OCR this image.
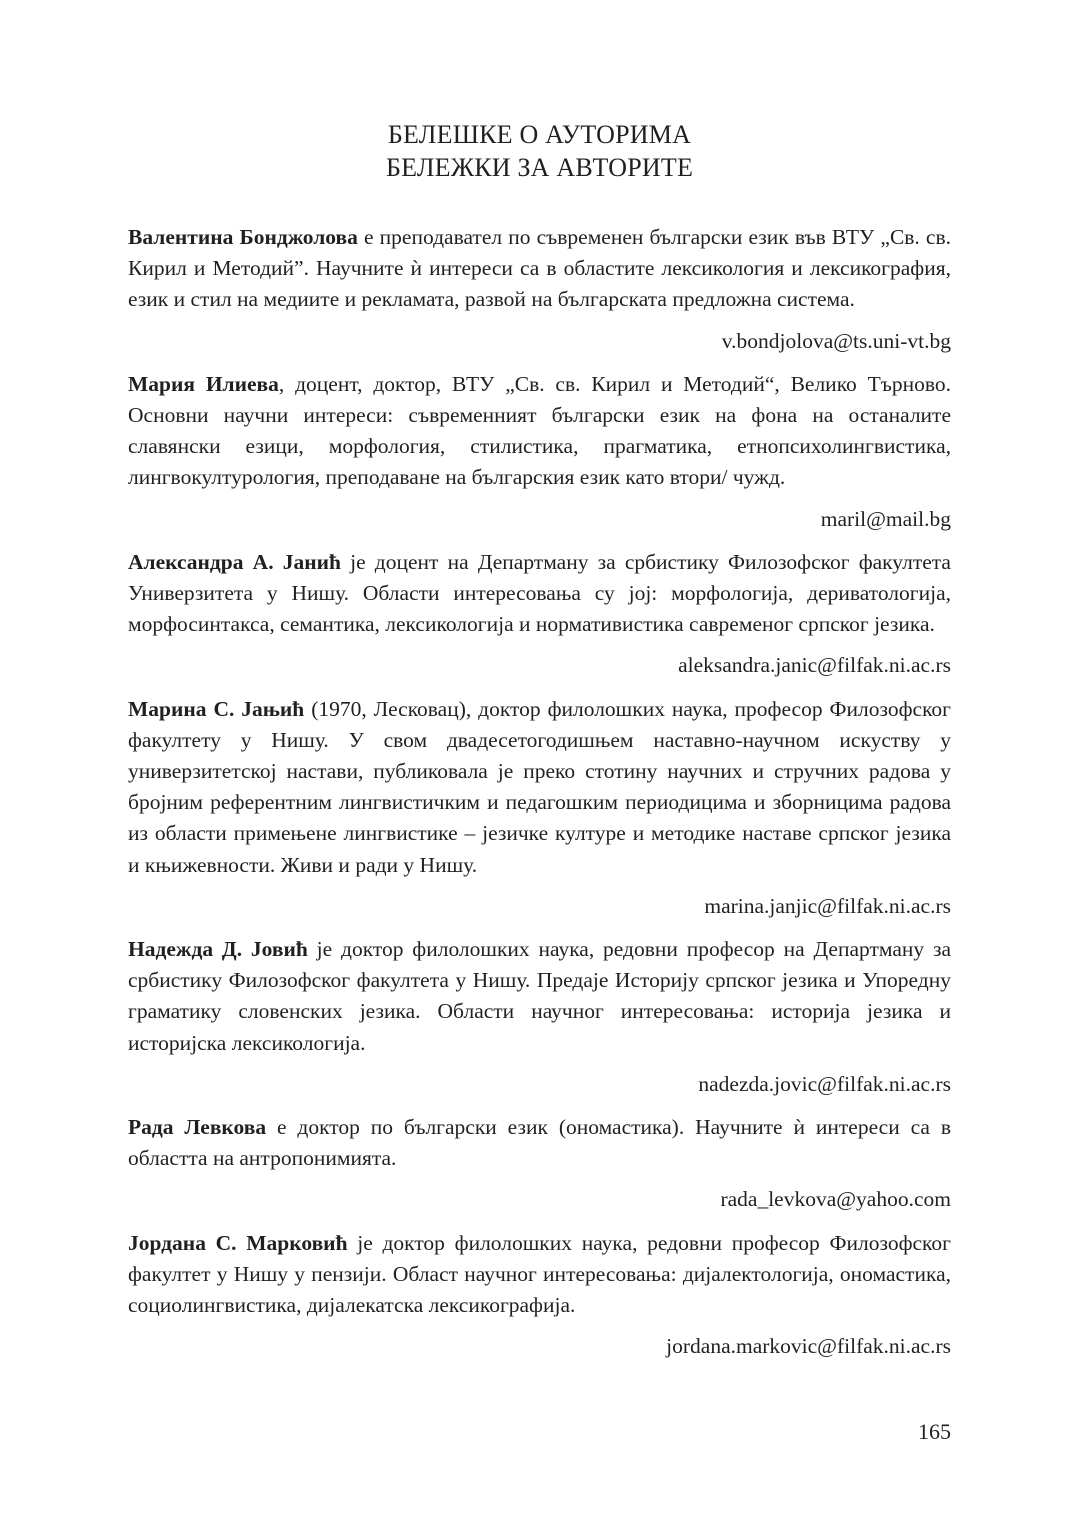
БЕЛЕШКЕ О АУТОРИМА
БЕЛЕЖКИ ЗА АВТОРИТЕ

Валентина Бонджолова е преподавател по съвременен български език във ВТУ „Св. св. Кирил и Методий”. Научните ѝ интереси са в областите лексикология и лексикография, език и стил на медиите и рекламата, развой на българската предложна система.

v.bondjolova@ts.uni-vt.bg

Мария Илиева, доцент, доктор, ВТУ „Св. св. Кирил и Методий“, Велико Търново. Основни научни интереси: съвременният български език на фона на останалите славянски езици, морфология, стилистика, прагматика, етнопсихолингвистика, лингвокултурология, преподаване на българския език като втори/ чужд.

maril@mail.bg

Александра А. Јанић је доцент на Департману за србистику Филозофског факултета Универзитета у Нишу. Области интересовања су јој: морфологија, дериватологија, морфосинтакса, семантика, лексикологија и нормативистика савременог српског језика.

aleksandra.janic@filfak.ni.ac.rs

Марина С. Јањић (1970, Лесковац), доктор филолошких наука, професор Филозофског факултету у Нишу. У свом двадесетогодишњем наставно-научном искуству у универзитетској настави, публиковала је преко стотину научних и стручних радова у бројним референтним лингвистичким и педагошким периодицима и зборницима радова из области примењене лингвистике – језичке културе и методике наставе српског језика и књижевности. Живи и ради у Нишу.

marina.janjic@filfak.ni.ac.rs

Надежда Д. Јовић је доктор филолошких наука, редовни професор на Департману за србистику Филозофског факултета у Нишу. Предаје Историју српског језика и Упоредну граматику словенских језика. Области научног интересовања: историја језика и историјска лексикологија.

nadezda.jovic@filfak.ni.ac.rs

Рада Левкова е доктор по български език (ономастика). Научните ѝ интереси са в областта на антропонимията.

rada_levkova@yahoo.com

Јордана С. Марковић је доктор филолошких наука, редовни професор Филозофског факултет у Нишу у пензији. Област научног интересовања: дијалектологија, ономастика, социолингвистика, дијалекатска лексикографија.

jordana.markovic@filfak.ni.ac.rs
165
